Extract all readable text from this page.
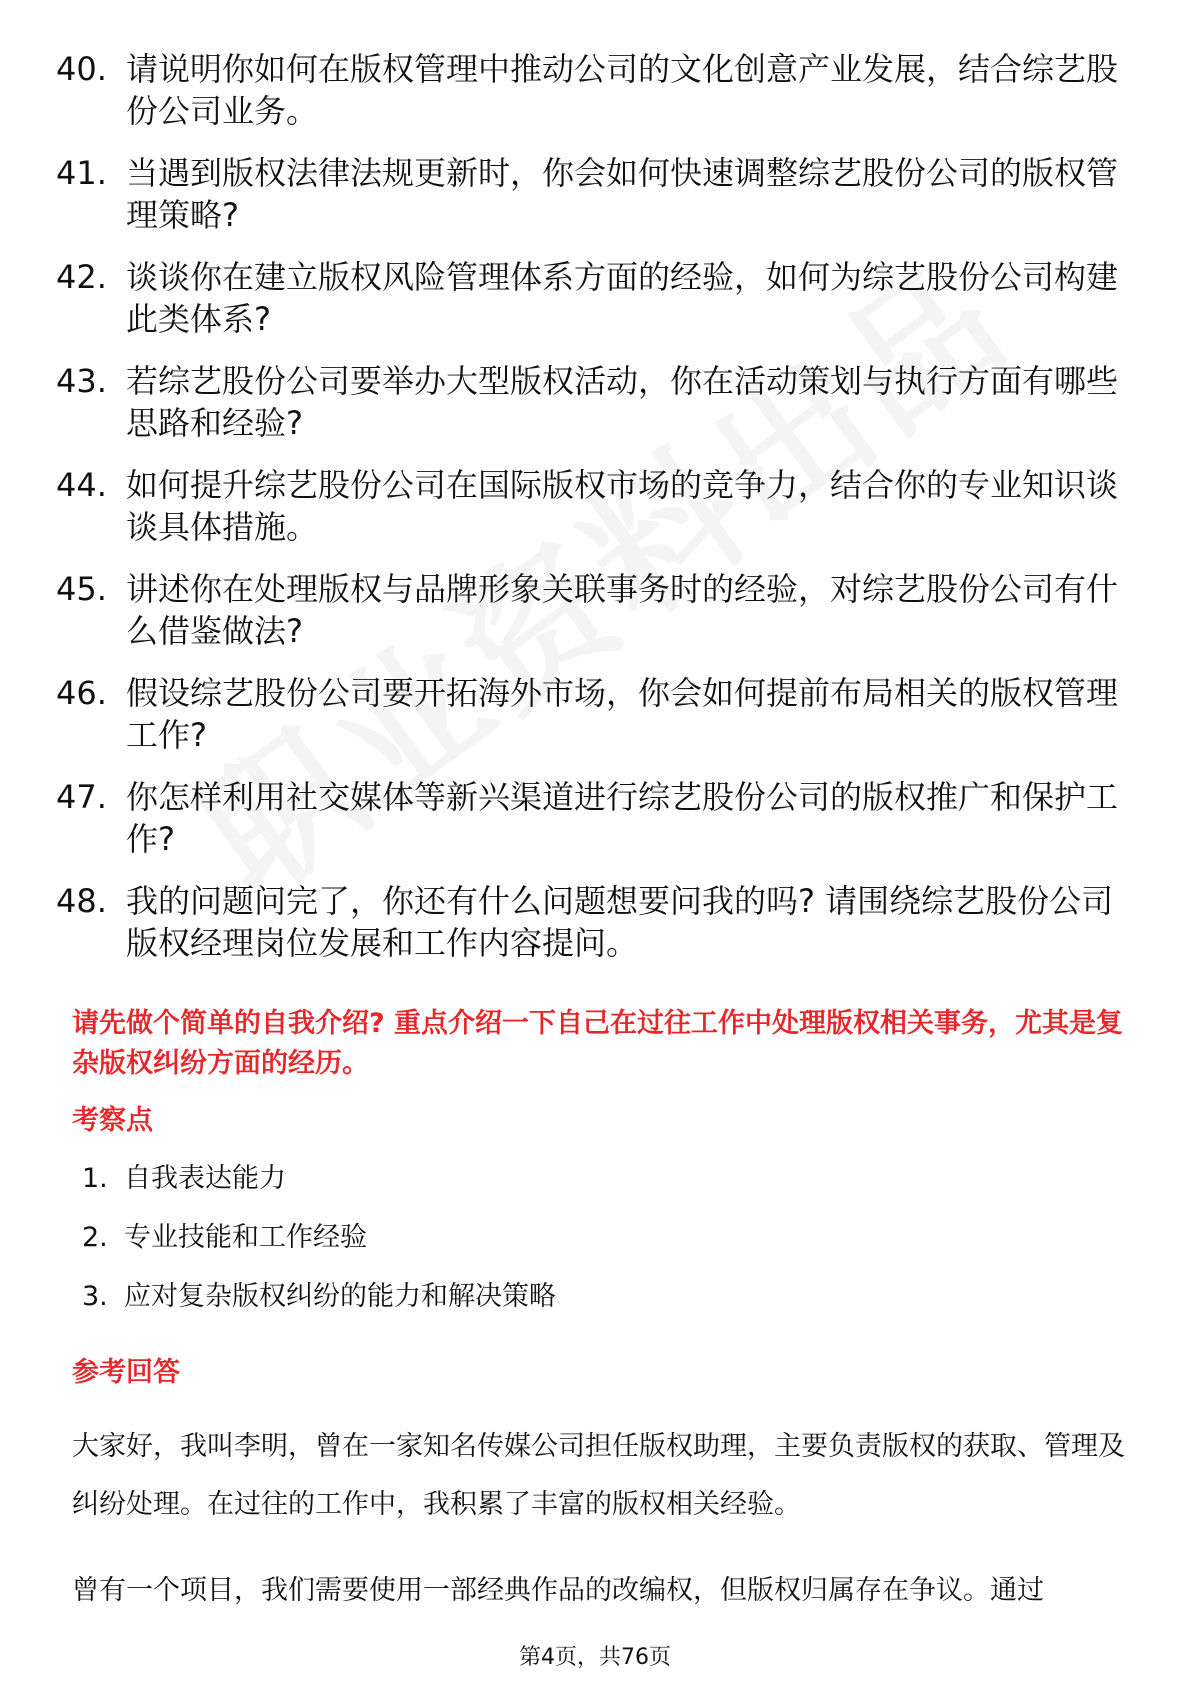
40. 请说明你如何在版权管理中推动公司的文化创意产业发展，结合综艺股份公司业务。
41. 当遇到版权法律法规更新时，你会如何快速调整综艺股份公司的版权管理策略?
42. 谈谈你在建立版权风险管理体系方面的经验，如何为综艺股份公司构建此类体系?
43. 若综艺股份公司要举办大型版权活动，你在活动策划与执行方面有哪些思路和经验?
44. 如何提升综艺股份公司在国际版权市场的竞争力，结合你的专业知识谈谈具体措施。
45. 讲述你在处理版权与品牌形象关联事务时的经验，对综艺股份公司有什么借鉴做法?
46. 假设综艺股份公司要开拓海外市场，你会如何提前布局相关的版权管理工作?
47. 你怎样利用社交媒体等新兴渠道进行综艺股份公司的版权推广和保护工作?
48. 我的问题问完了，你还有什么问题想要问我的吗? 请围绕综艺股份公司版权经理岗位发展和工作内容提问。
请先做个简单的自我介绍? 重点介绍一下自己在过往工作中处理版权相关事务，尤其是复杂版权纠纷方面的经历。
考察点
1. 自我表达能力
2. 专业技能和工作经验
3. 应对复杂版权纠纷的能力和解决策略
参考回答

大家好，我叫李明，曾在一家知名传媒公司担任版权助理，主要负责版权的获取、管理及纠纷处理。在过往的工作中，我积累了丰富的版权相关经验。

曾有一个项目，我们需要使用一部经典作品的改编权，但版权归属存在争议。通过

第4页，共76页
